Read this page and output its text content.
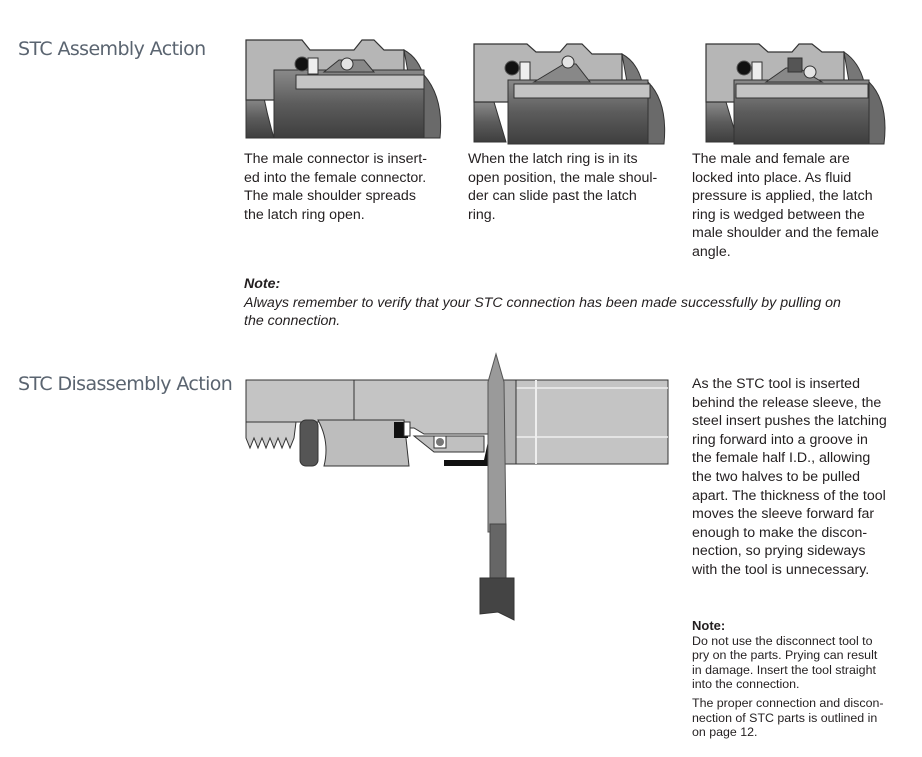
STC Assembly Action
The male connector is insert-
ed into the female connector.
The male shoulder spreads
the latch ring open.
When the latch ring is in its
open position, the male shoul-
der can slide past the latch
ring.
The male and female are
locked into place. As fluid
pressure is applied, the latch
ring is wedged between the
male shoulder and the female
angle.
Note:
Always remember to verify that your STC connection has been made successfully by pulling on
the connection.
STC Disassembly Action	As the STC tool is inserted
behind the release sleeve, the
steel insert pushes the latching
ring forward into a groove in
the female half I.D., allowing
the two halves to be pulled
apart. The thickness of the tool
moves the sleeve forward far
enough to make the discon-
nection, so prying sideways
with the tool is unnecessary.
Note:
Do not use the disconnect tool to
pry on the parts. Prying can result
in damage. Insert the tool straight
into the connection.
The proper connection and discon-
nection of STC parts is outlined in
on page 12.
